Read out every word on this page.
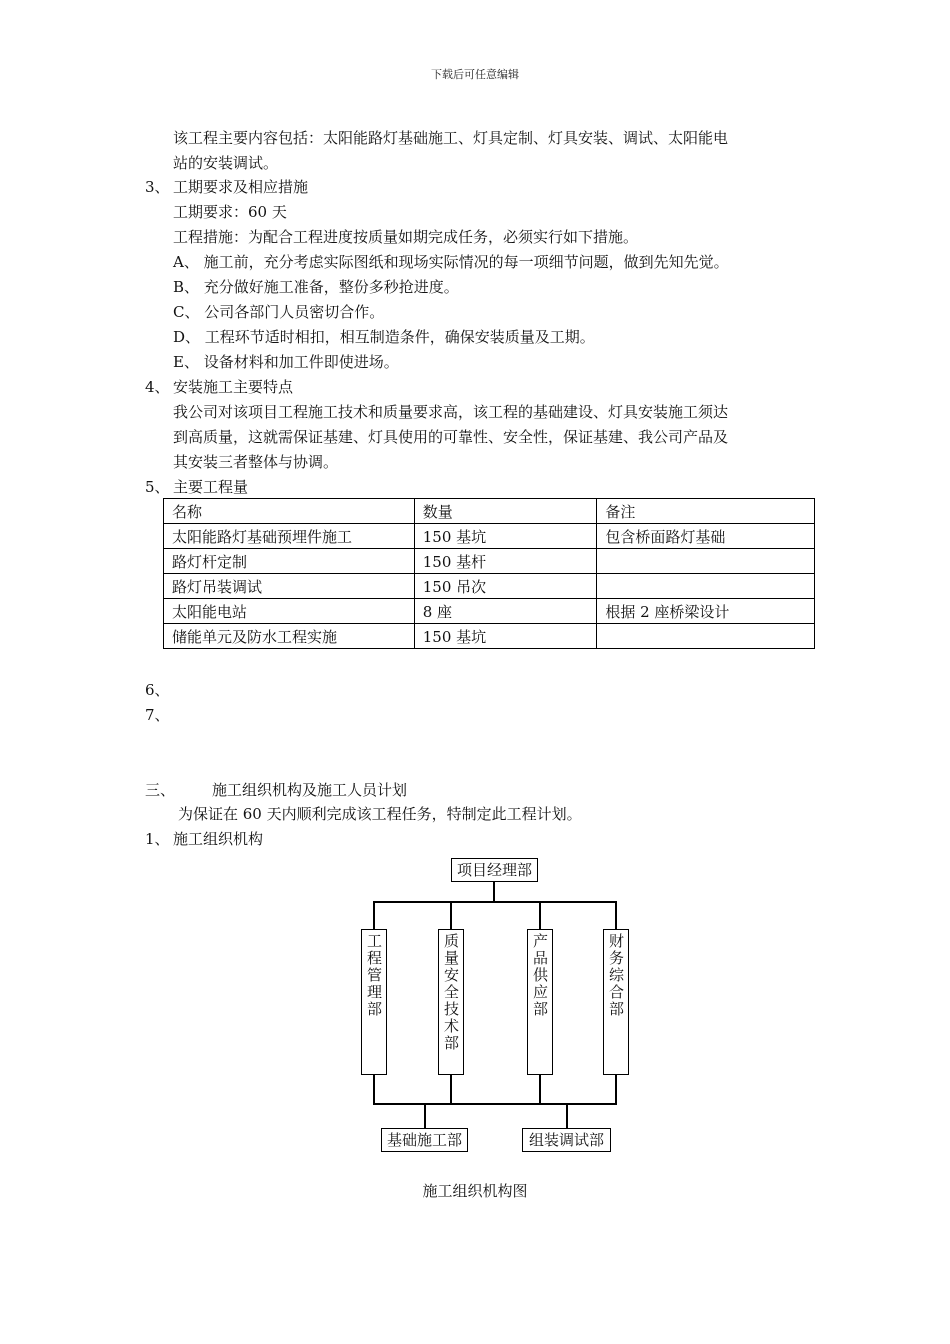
下载后可任意编辑
该工程主要内容包括：太阳能路灯基础施工、灯具定制、灯具安装、调试、太阳能电
站的安装调试。
3、 工期要求及相应措施
工期要求：60 天
工程措施：为配合工程进度按质量如期完成任务，必须实行如下措施。
A、 施工前，充分考虑实际图纸和现场实际情况的每一项细节问题，做到先知先觉。
B、 充分做好施工准备，整份多秒抢进度。
C、 公司各部门人员密切合作。
D、 工程环节适时相扣，相互制造条件，确保安装质量及工期。
E、 设备材料和加工件即使进场。
4、 安装施工主要特点
我公司对该项目工程施工技术和质量要求高，该工程的基础建设、灯具安装施工须达
到高质量，这就需保证基建、灯具使用的可靠性、安全性，保证基建、我公司产品及
其安装三者整体与协调。
5、 主要工程量
名称	数量	备注
太阳能路灯基础预埋件施工	150 基坑	包含桥面路灯基础
路灯杆定制	150 基杆	
路灯吊装调试	150 吊次	
太阳能电站	8 座	根据 2 座桥梁设计
储能单元及防水工程实施	150 基坑	
6、
7、
三、 施工组织机构及施工人员计划
为保证在 60 天内顺利完成该工程任务，特制定此工程计划。
1、 施工组织机构
项目经理部
工程管理部	质量安全技术部	产品供应部	财务综合部
基础施工部	组装调试部
施工组织机构图
